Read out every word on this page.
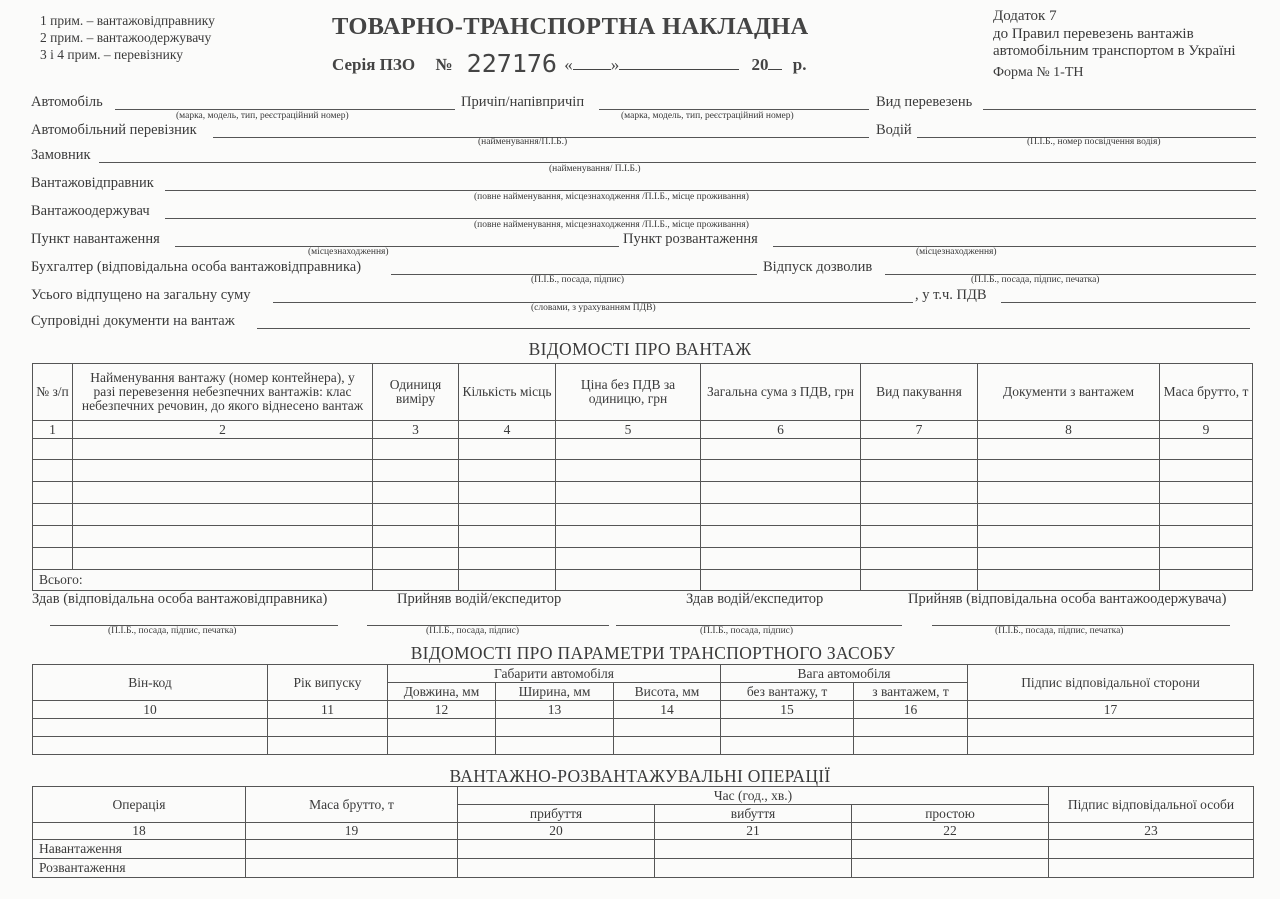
1 прим. – вантажовідправнику
2 прим. – вантажоодержувачу
3 і 4 прим. – перевізнику
ТОВАРНО-ТРАНСПОРТНА НАКЛАДНА
Серія ПЗО № 227176 « »	20 р.
Додаток 7
до Правил перевезень вантажів
автомобільним транспортом в Україні
Форма № 1-ТН
Автомобіль
(марка, модель, тип, реєстраційний номер)
Причіп/напівпричіп
(марка, модель, тип, реєстраційний номер)
Вид перевезень
Автомобільний перевізник
(найменування/П.І.Б.)
Водій
(П.І.Б., номер посвідчення водія)
Замовник
(найменування/ П.І.Б.)
Вантажовідправник
(повне найменування, місцезнаходження /П.І.Б., місце проживання)
Вантажоодержувач
(повне найменування, місцезнаходження /П.І.Б., місце проживання)
Пункт навантаження
(місцезнаходження)
Пункт розвантаження
(місцезнаходження)
Бухгалтер (відповідальна особа вантажовідправника)
(П.І.Б., посада, підпис)
Відпуск дозволив
(П.І.Б., посада, підпис, печатка)
Усього відпущено на загальну суму
(словами, з урахуванням ПДВ)
, у т.ч. ПДВ
Супровідні документи на вантаж
ВІДОМОСТІ ПРО ВАНТАЖ
№ з/п	Найменування вантажу (номер контейнера), у разі перевезення небезпечних вантажів: клас небезпечних речовин, до якого віднесено вантаж	Одиниця виміру	Кількість місць	Ціна без ПДВ за одиницю, грн	Загальна сума з ПДВ, грн	Вид пакування	Документи з вантажем	Маса брутто, т
1	2	3	4	5	6	7	8	9

Всього:								
Здав (відповідальна особа вантажовідправника)
(П.І.Б., посада, підпис, печатка)
Прийняв водій/експедитор
(П.І.Б., посада, підпис)
Здав водій/експедитор
(П.І.Б., посада, підпис)
Прийняв (відповідальна особа вантажоодержувача)
(П.І.Б., посада, підпис, печатка)
ВІДОМОСТІ ПРО ПАРАМЕТРИ ТРАНСПОРТНОГО ЗАСОБУ
Він-код	Рік випуску	Габарити автомобіля			Вага автомобіля		Підпис відповідальної сторони
		Довжина, мм	Ширина, мм	Висота, мм	без вантажу, т	з вантажем, т	
10	11	12	13	14	15	16	17

ВАНТАЖНО-РОЗВАНТАЖУВАЛЬНІ ОПЕРАЦІЇ
Операція	Маса брутто, т	Час (год., хв.)			Підпис відповідальної особи
		прибуття	вибуття	простою	
18	19	20	21	22	23
Навантаження					
Розвантаження					
